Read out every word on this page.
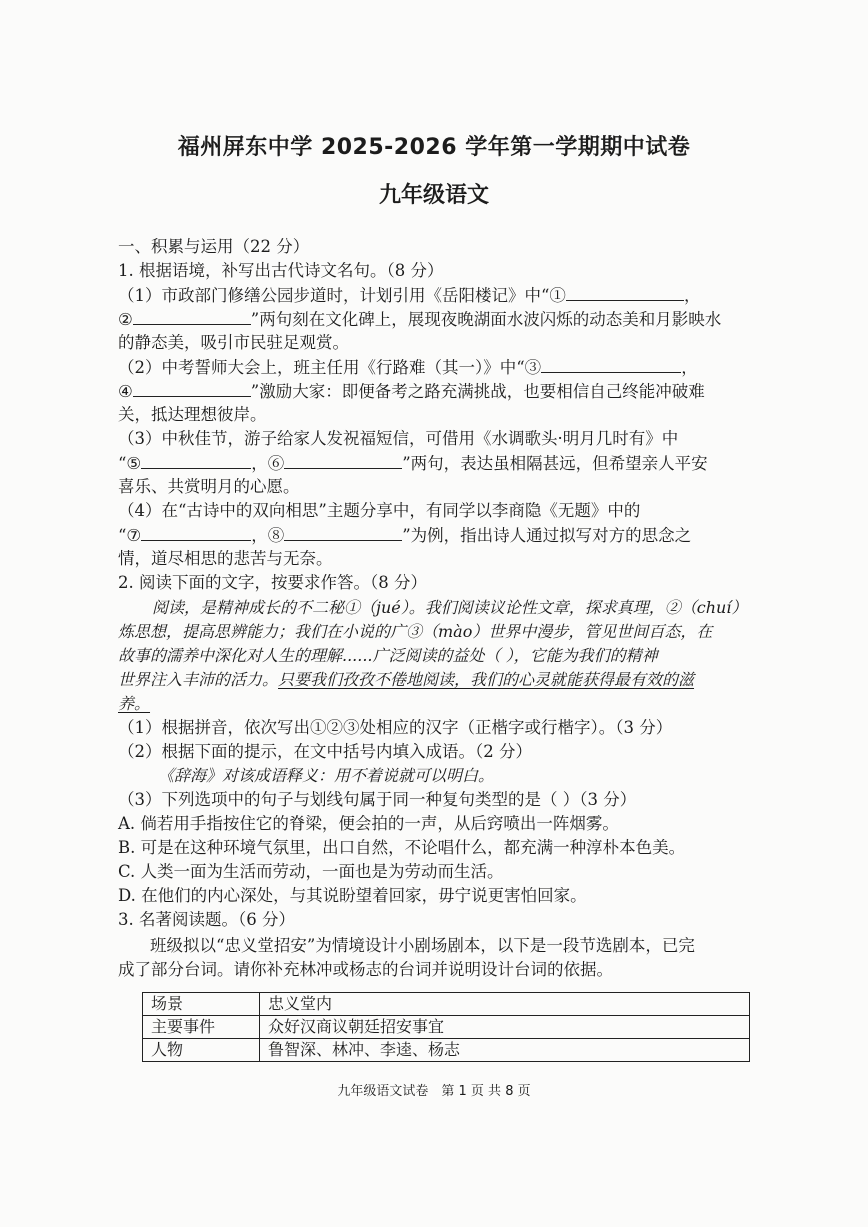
福州屏东中学 2025-2026 学年第一学期期中试卷
九年级语文
一、积累与运用（22 分）
1. 根据语境，补写出古代诗文名句。（8 分）
（1）市政部门修缮公园步道时，计划引用《岳阳楼记》中“①	，
②	”两句刻在文化碑上，展现夜晚湖面水波闪烁的动态美和月影映水
的静态美，吸引市民驻足观赏。
（2）中考誓师大会上，班主任用《行路难（其一）》中“③	，
④	”激励大家：即便备考之路充满挑战，也要相信自己终能冲破难
关，抵达理想彼岸。
（3）中秋佳节，游子给家人发祝福短信，可借用《水调歌头·明月几时有》中
“⑤	，⑥	”两句，表达虽相隔甚远，但希望亲人平安
喜乐、共赏明月的心愿。
（4）在“古诗中的双向相思”主题分享中，有同学以李商隐《无题》中的
“⑦	，⑧	”为例，指出诗人通过拟写对方的思念之
情，道尽相思的悲苦与无奈。
2. 阅读下面的文字，按要求作答。（8 分）
阅读，是精神成长的不二秘①（jué）。我们阅读议论性文章，探求真理，②（chuí）
炼思想，提高思辨能力；我们在小说的广③（mào）世界中漫步，管见世间百态，在
故事的濡养中深化对人生的理解......广泛阅读的益处（ ），它能为我们的精神
世界注入丰沛的活力。只要我们孜孜不倦地阅读，我们的心灵就能获得最有效的滋
养。
（1）根据拼音，依次写出①②③处相应的汉字（正楷字或行楷字）。（3 分）
（2）根据下面的提示，在文中括号内填入成语。（2 分）
《辞海》对该成语释义：用不着说就可以明白。
（3）下列选项中的句子与划线句属于同一种复句类型的是（ ）（3 分）
A. 倘若用手指按住它的脊梁，便会拍的一声，从后窍喷出一阵烟雾。
B. 可是在这种环境气氛里，出口自然，不论唱什么，都充满一种淳朴本色美。
C. 人类一面为生活而劳动，一面也是为劳动而生活。
D. 在他们的内心深处，与其说盼望着回家，毋宁说更害怕回家。
3. 名著阅读题。（6 分）
班级拟以“忠义堂招安”为情境设计小剧场剧本，以下是一段节选剧本，已完
成了部分台词。请你补充林冲或杨志的台词并说明设计台词的依据。
场景	忠义堂内
主要事件	众好汉商议朝廷招安事宜
人物	鲁智深、林冲、李逵、杨志
九年级语文试卷　第 1 页 共 8 页
